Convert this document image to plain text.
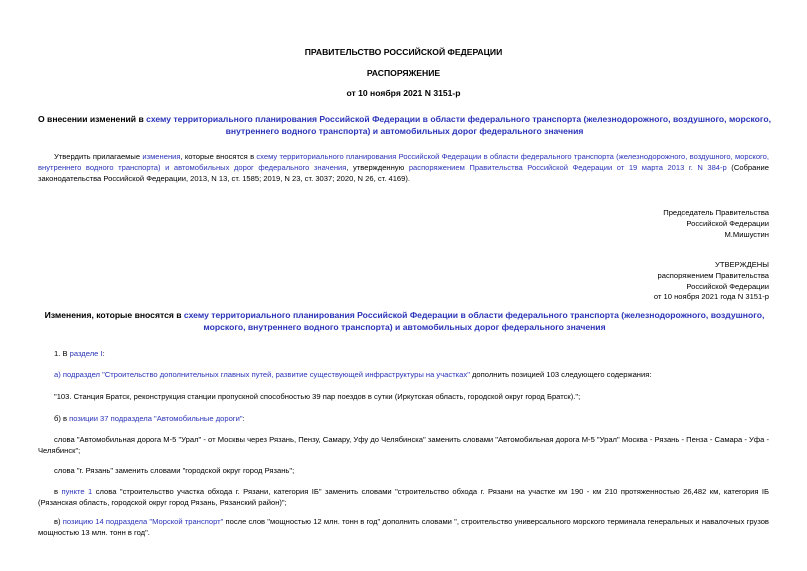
ПРАВИТЕЛЬСТВО РОССИЙСКОЙ ФЕДЕРАЦИИ
РАСПОРЯЖЕНИЕ
от 10 ноября 2021 N 3151-р
О внесении изменений в схему территориального планирования Российской Федерации в области федерального транспорта (железнодорожного, воздушного, морского, внутреннего водного транспорта) и автомобильных дорог федерального значения
Утвердить прилагаемые изменения, которые вносятся в схему территориального планирования Российской Федерации в области федерального транспорта (железнодорожного, воздушного, морского, внутреннего водного транспорта) и автомобильных дорог федерального значения, утвержденную распоряжением Правительства Российской Федерации от 19 марта 2013 г. N 384-р (Собрание законодательства Российской Федерации, 2013, N 13, ст. 1585; 2019, N 23, ст. 3037; 2020, N 26, ст. 4169).
Председатель Правительства
Российской Федерации
М.Мишустин
УТВЕРЖДЕНЫ
распоряжением Правительства
Российской Федерации
от 10 ноября 2021 года N 3151-р
Изменения, которые вносятся в схему территориального планирования Российской Федерации в области федерального транспорта (железнодорожного, воздушного, морского, внутреннего водного транспорта) и автомобильных дорог федерального значения
1. В разделе I:
а) подраздел "Строительство дополнительных главных путей, развитие существующей инфраструктуры на участках" дополнить позицией 103 следующего содержания:
"103. Станция Братск, реконструкция станции пропускной способностью 39 пар поездов в сутки (Иркутская область, городской округ город Братск).";
б) в позиции 37 подраздела "Автомобильные дороги":
слова "Автомобильная дорога М-5 "Урал" - от Москвы через Рязань, Пензу, Самару, Уфу до Челябинска" заменить словами "Автомобильная дорога М-5 "Урал" Москва - Рязань - Пенза - Самара - Уфа - Челябинск";
слова "г. Рязань" заменить словами "городской округ город Рязань";
в пункте 1 слова "строительство участка обхода г. Рязани, категория IБ" заменить словами "строительство обхода г. Рязани на участке км 190 - км 210 протяженностью 26,482 км, категория IБ (Рязанская область, городской округ город Рязань, Рязанский район)";
в) позицию 14 подраздела "Морской транспорт" после слов "мощностью 12 млн. тонн в год" дополнить словами ", строительство универсального морского терминала генеральных и навалочных грузов мощностью 13 млн. тонн в год".
